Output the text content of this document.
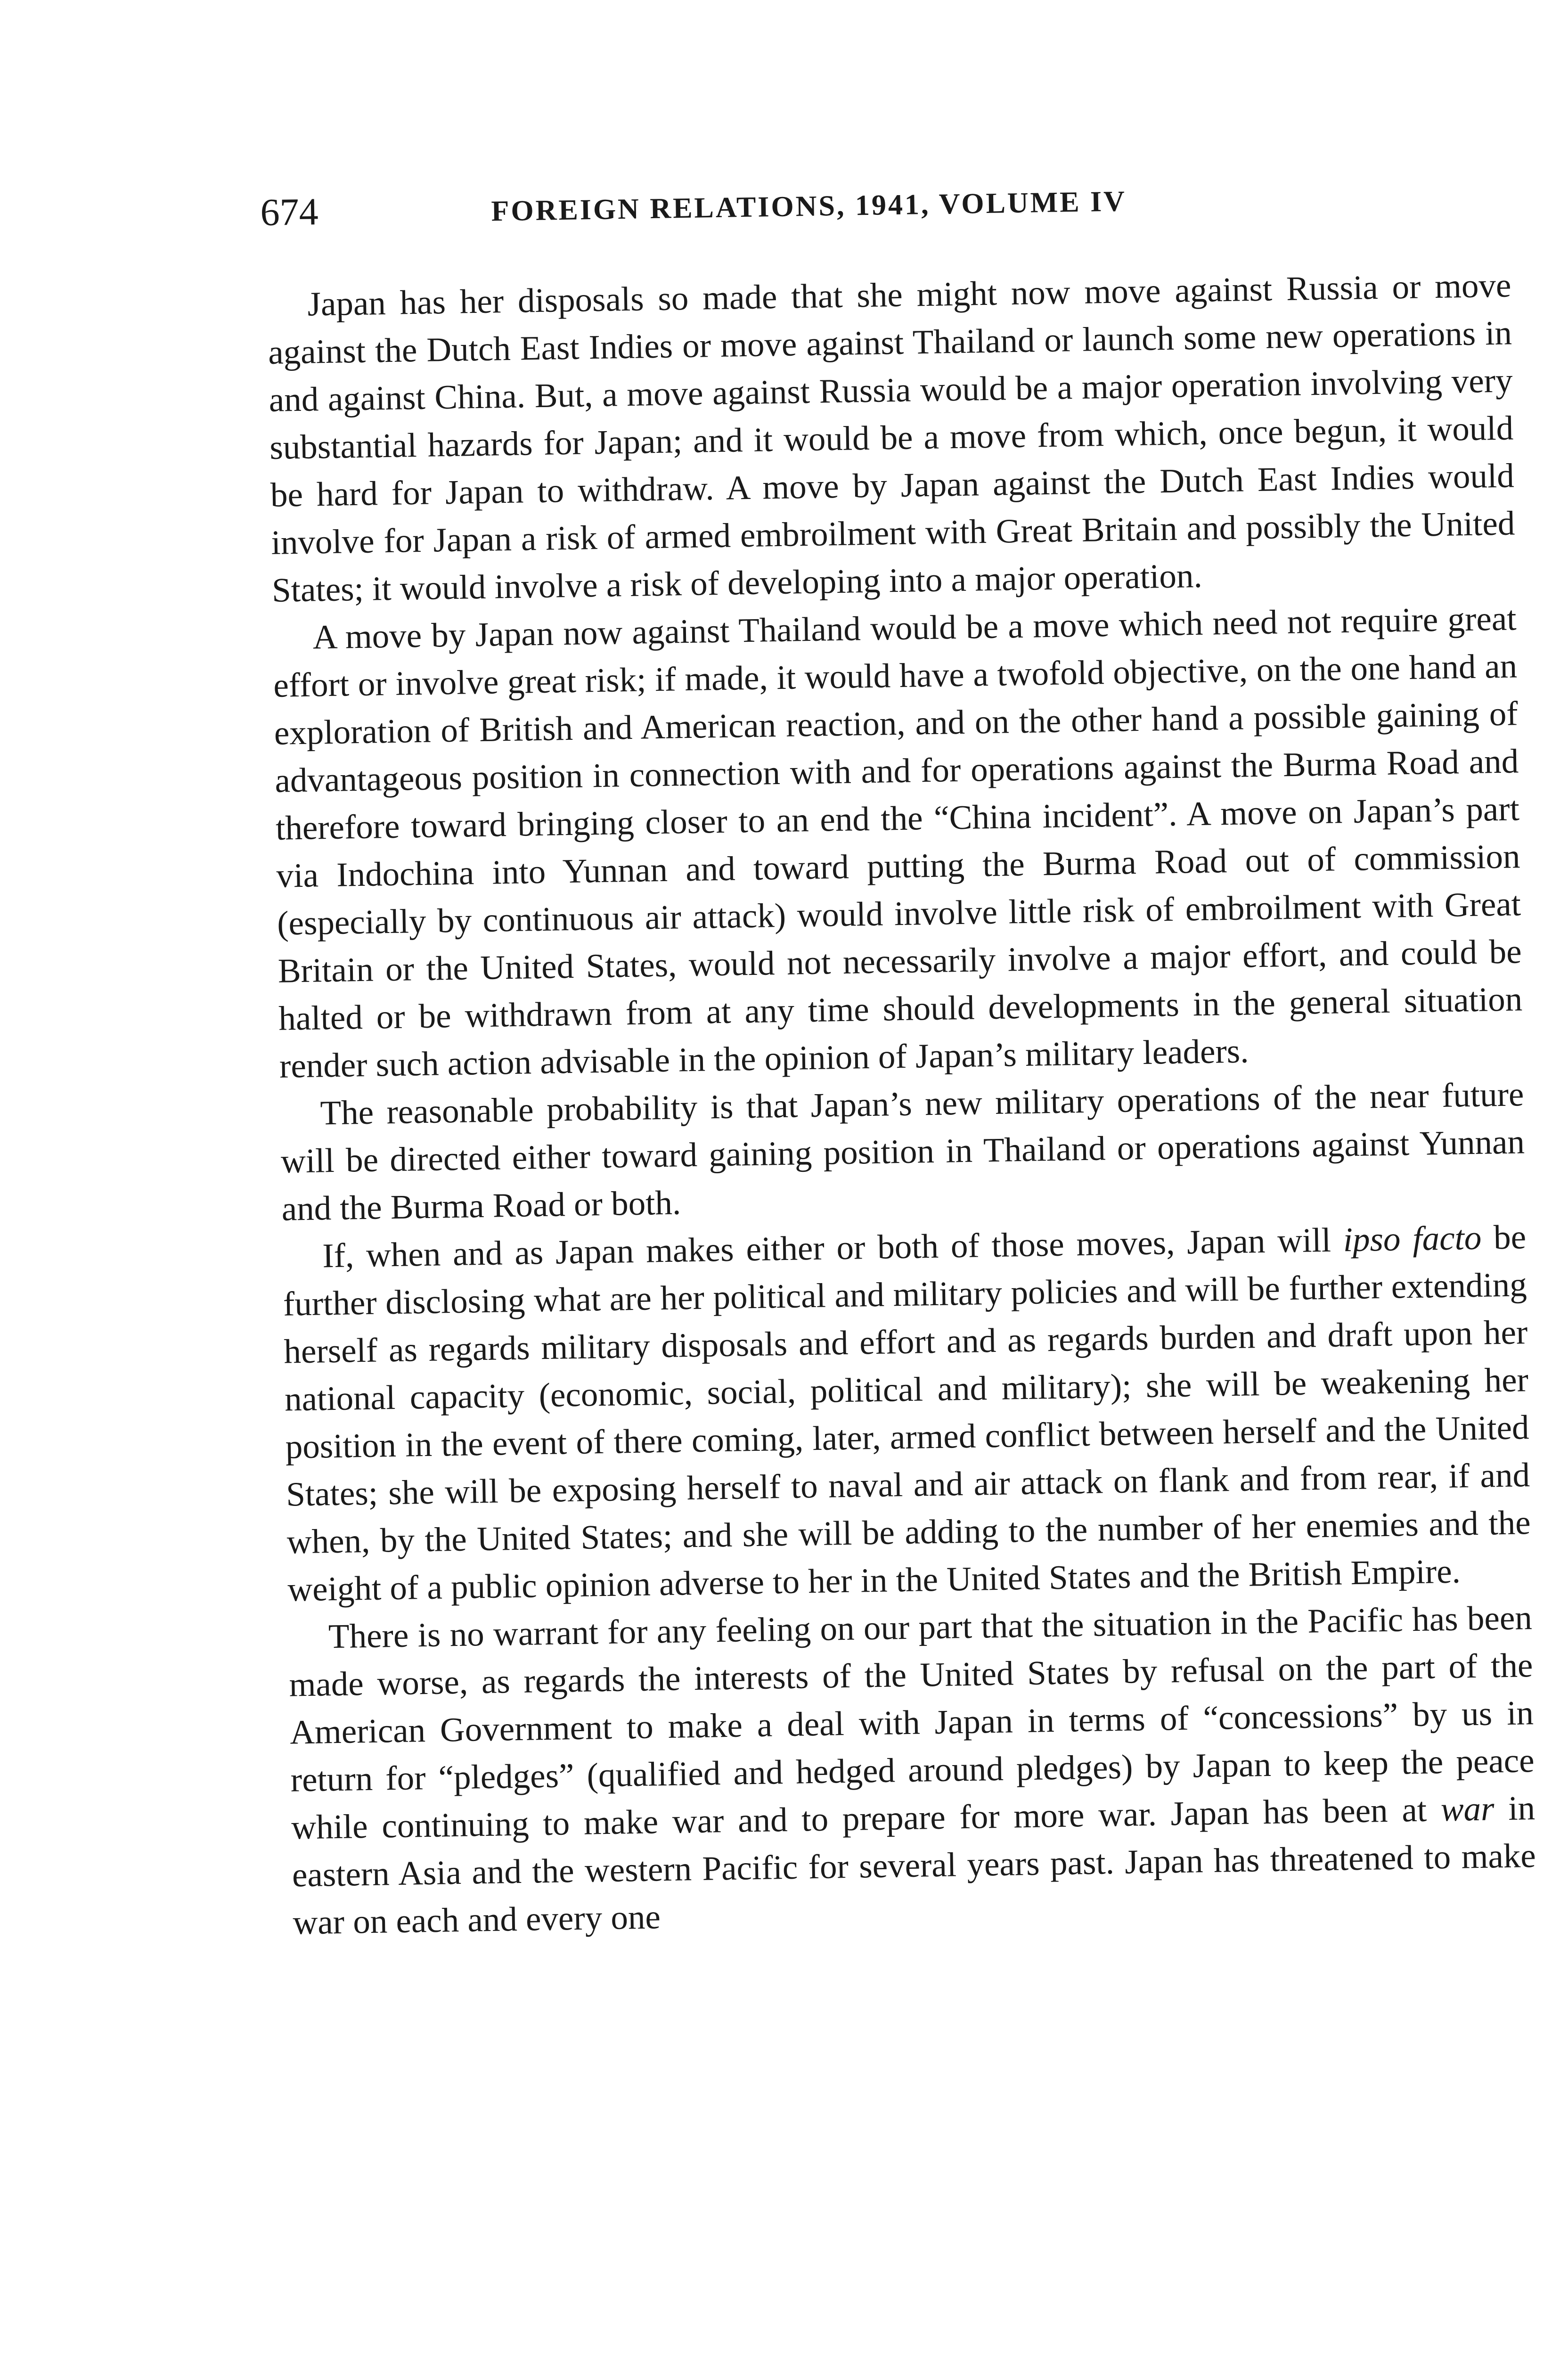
674	FOREIGN RELATIONS, 1941, VOLUME IV

Japan has her disposals so made that she might now move against Russia or move against the Dutch East Indies or move against Thailand or launch some new operations in and against China. But, a move against Russia would be a major operation involving very substantial hazards for Japan; and it would be a move from which, once begun, it would be hard for Japan to withdraw. A move by Japan against the Dutch East Indies would involve for Japan a risk of armed embroilment with Great Britain and possibly the United States; it would involve a risk of developing into a major operation.

A move by Japan now against Thailand would be a move which need not require great effort or involve great risk; if made, it would have a twofold objective, on the one hand an exploration of British and American reaction, and on the other hand a possible gaining of advantageous position in connection with and for operations against the Burma Road and therefore toward bringing closer to an end the “China incident”. A move on Japan’s part via Indochina into Yunnan and toward putting the Burma Road out of commission (especially by continuous air attack) would involve little risk of embroilment with Great Britain or the United States, would not necessarily involve a major effort, and could be halted or be withdrawn from at any time should developments in the general situation render such action advisable in the opinion of Japan’s military leaders.

The reasonable probability is that Japan’s new military operations of the near future will be directed either toward gaining position in Thailand or operations against Yunnan and the Burma Road or both.

If, when and as Japan makes either or both of those moves, Japan will ipso facto be further disclosing what are her political and military policies and will be further extending herself as regards military disposals and effort and as regards burden and draft upon her national capacity (economic, social, political and military); she will be weakening her position in the event of there coming, later, armed conflict between herself and the United States; she will be exposing herself to naval and air attack on flank and from rear, if and when, by the United States; and she will be adding to the number of her enemies and the weight of a public opinion adverse to her in the United States and the British Empire.

There is no warrant for any feeling on our part that the situation in the Pacific has been made worse, as regards the interests of the United States by refusal on the part of the American Government to make a deal with Japan in terms of “concessions” by us in return for “pledges” (qualified and hedged around pledges) by Japan to keep the peace while continuing to make war and to prepare for more war. Japan has been at war in eastern Asia and the western Pacific for several years past. Japan has threatened to make war on each and every one
